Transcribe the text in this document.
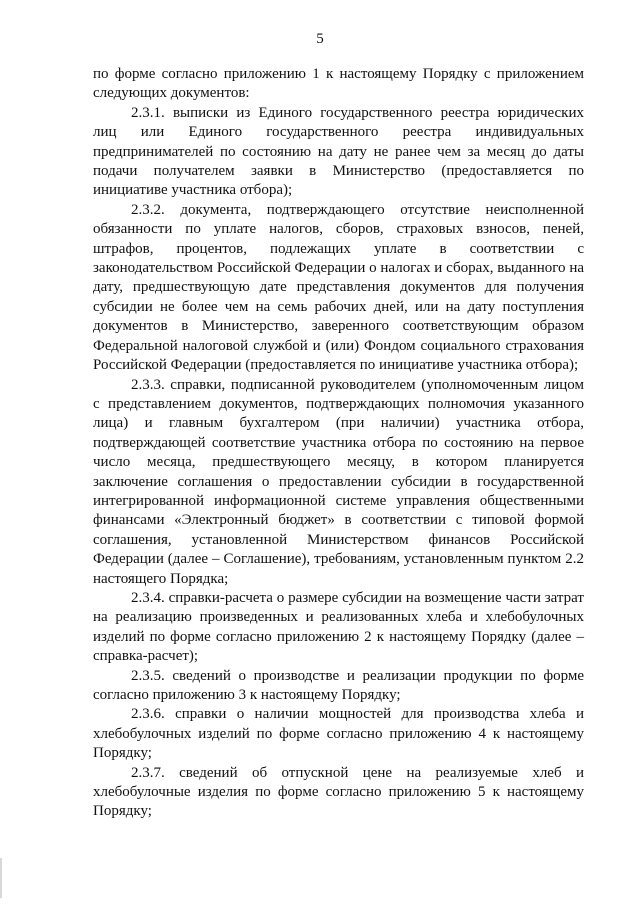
5

по форме согласно приложению 1 к настоящему Порядку с приложением следующих документов:

2.3.1. выписки из Единого государственного реестра юридических лиц или Единого государственного реестра индивидуальных предпринимателей по состоянию на дату не ранее чем за месяц до даты подачи получателем заявки в Министерство (предоставляется по инициативе участника отбора);

2.3.2. документа, подтверждающего отсутствие неисполненной обязанности по уплате налогов, сборов, страховых взносов, пеней, штрафов, процентов, подлежащих уплате в соответствии с законодательством Российской Федерации о налогах и сборах, выданного на дату, предшествующую дате представления документов для получения субсидии не более чем на семь рабочих дней, или на дату поступления документов в Министерство, заверенного соответствующим образом Федеральной налоговой службой и (или) Фондом социального страхования Российской Федерации (предоставляется по инициативе участника отбора);

2.3.3. справки, подписанной руководителем (уполномоченным лицом с представлением документов, подтверждающих полномочия указанного лица) и главным бухгалтером (при наличии) участника отбора, подтверждающей соответствие участника отбора по состоянию на первое число месяца, предшествующего месяцу, в котором планируется заключение соглашения о предоставлении субсидии в государственной интегрированной информационной системе управления общественными финансами «Электронный бюджет» в соответствии с типовой формой соглашения, установленной Министерством финансов Российской Федерации (далее – Соглашение), требованиям, установленным пунктом 2.2 настоящего Порядка;

2.3.4. справки-расчета о размере субсидии на возмещение части затрат на реализацию произведенных и реализованных хлеба и хлебобулочных изделий по форме согласно приложению 2 к настоящему Порядку (далее – справка-расчет);

2.3.5. сведений о производстве и реализации продукции по форме согласно приложению 3 к настоящему Порядку;

2.3.6. справки о наличии мощностей для производства хлеба и хлебобулочных изделий по форме согласно приложению 4 к настоящему Порядку;

2.3.7. сведений об отпускной цене на реализуемые хлеб и хлебобулочные изделия по форме согласно приложению 5 к настоящему Порядку;
